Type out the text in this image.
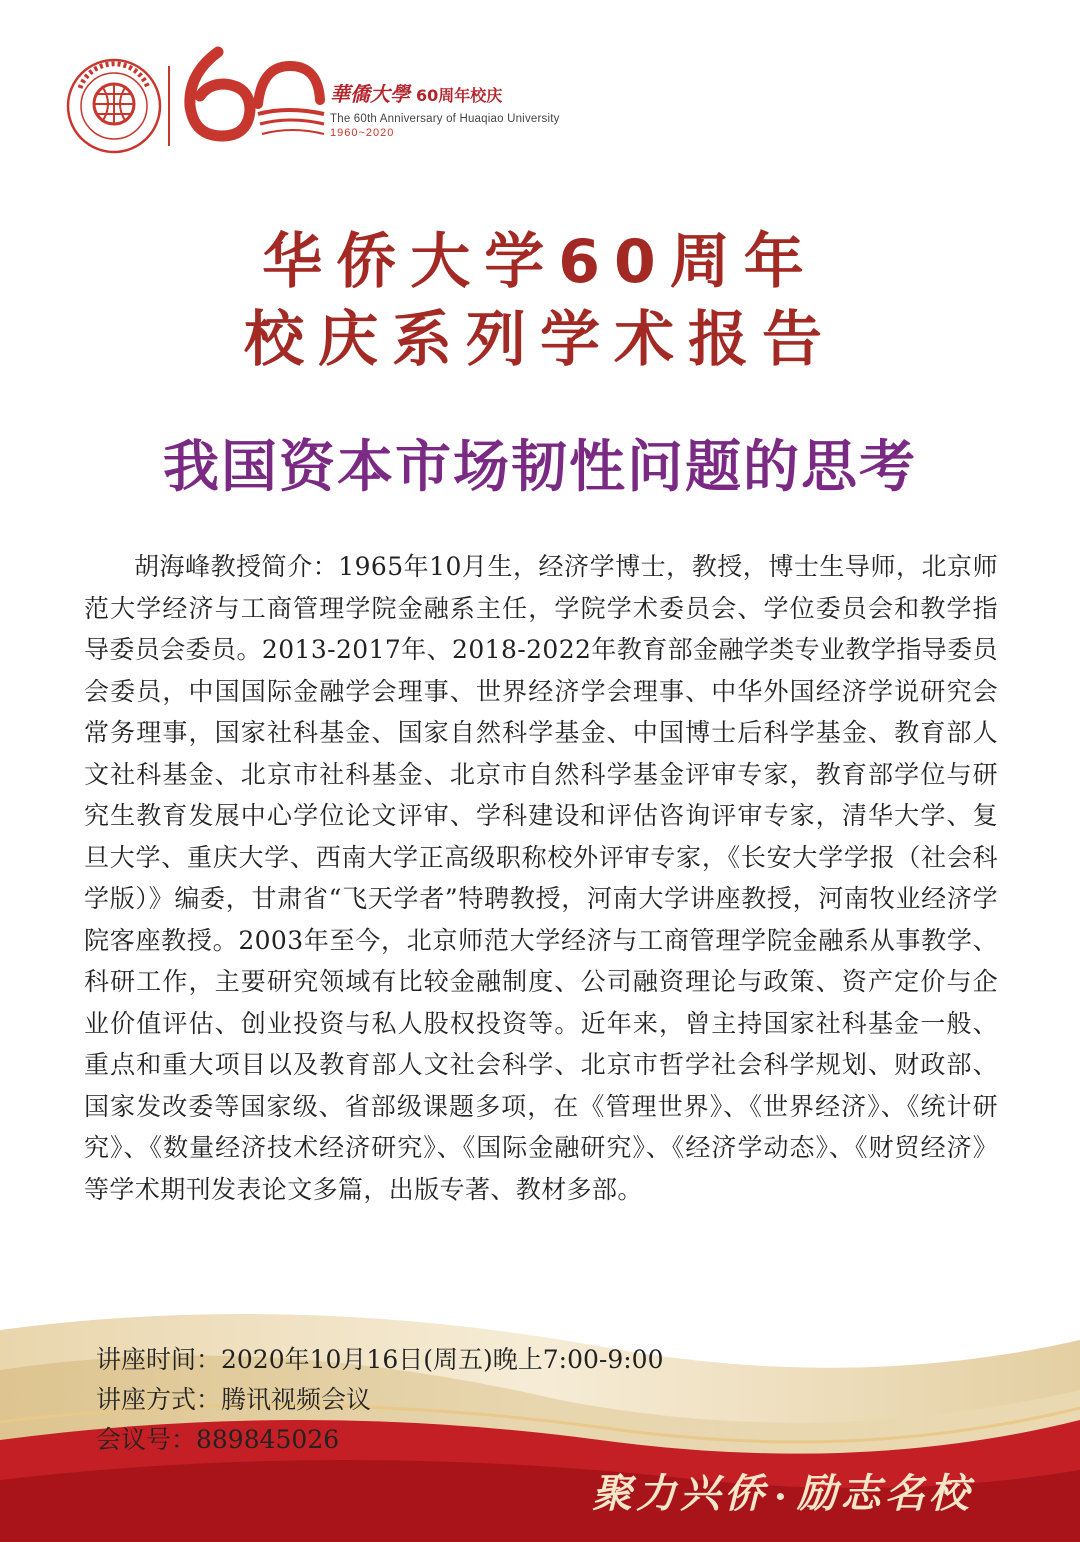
華僑大學 60周年校庆
The 60th Anniversary of Huaqiao University
1960~2020
华侨大学60周年
校庆系列学术报告
我国资本市场韧性问题的思考
胡海峰教授简介：1965年10月生，经济学博士，教授，博士生导师，北京师范大学经济与工商管理学院金融系主任，学院学术委员会、学位委员会和教学指导委员会委员。2013-2017年、2018-2022年教育部金融学类专业教学指导委员会委员，中国国际金融学会理事、世界经济学会理事、中华外国经济学说研究会常务理事，国家社科基金、国家自然科学基金、中国博士后科学基金、教育部人文社科基金、北京市社科基金、北京市自然科学基金评审专家，教育部学位与研究生教育发展中心学位论文评审、学科建设和评估咨询评审专家，清华大学、复旦大学、重庆大学、西南大学正高级职称校外评审专家，《长安大学学报（社会科学版）》编委，甘肃省“飞天学者”特聘教授，河南大学讲座教授，河南牧业经济学院客座教授。2003年至今，北京师范大学经济与工商管理学院金融系从事教学、科研工作，主要研究领域有比较金融制度、公司融资理论与政策、资产定价与企业价值评估、创业投资与私人股权投资等。近年来，曾主持国家社科基金一般、重点和重大项目以及教育部人文社会科学、北京市哲学社会科学规划、财政部、国家发改委等国家级、省部级课题多项，在《管理世界》、《世界经济》、《统计研究》、《数量经济技术经济研究》、《国际金融研究》、《经济学动态》、《财贸经济》等学术期刊发表论文多篇，出版专著、教材多部。
讲座时间：2020年10月16日(周五)晚上7:00-9:00
讲座方式：腾讯视频会议
会议号：889845026
聚力兴侨 • 励志名校
